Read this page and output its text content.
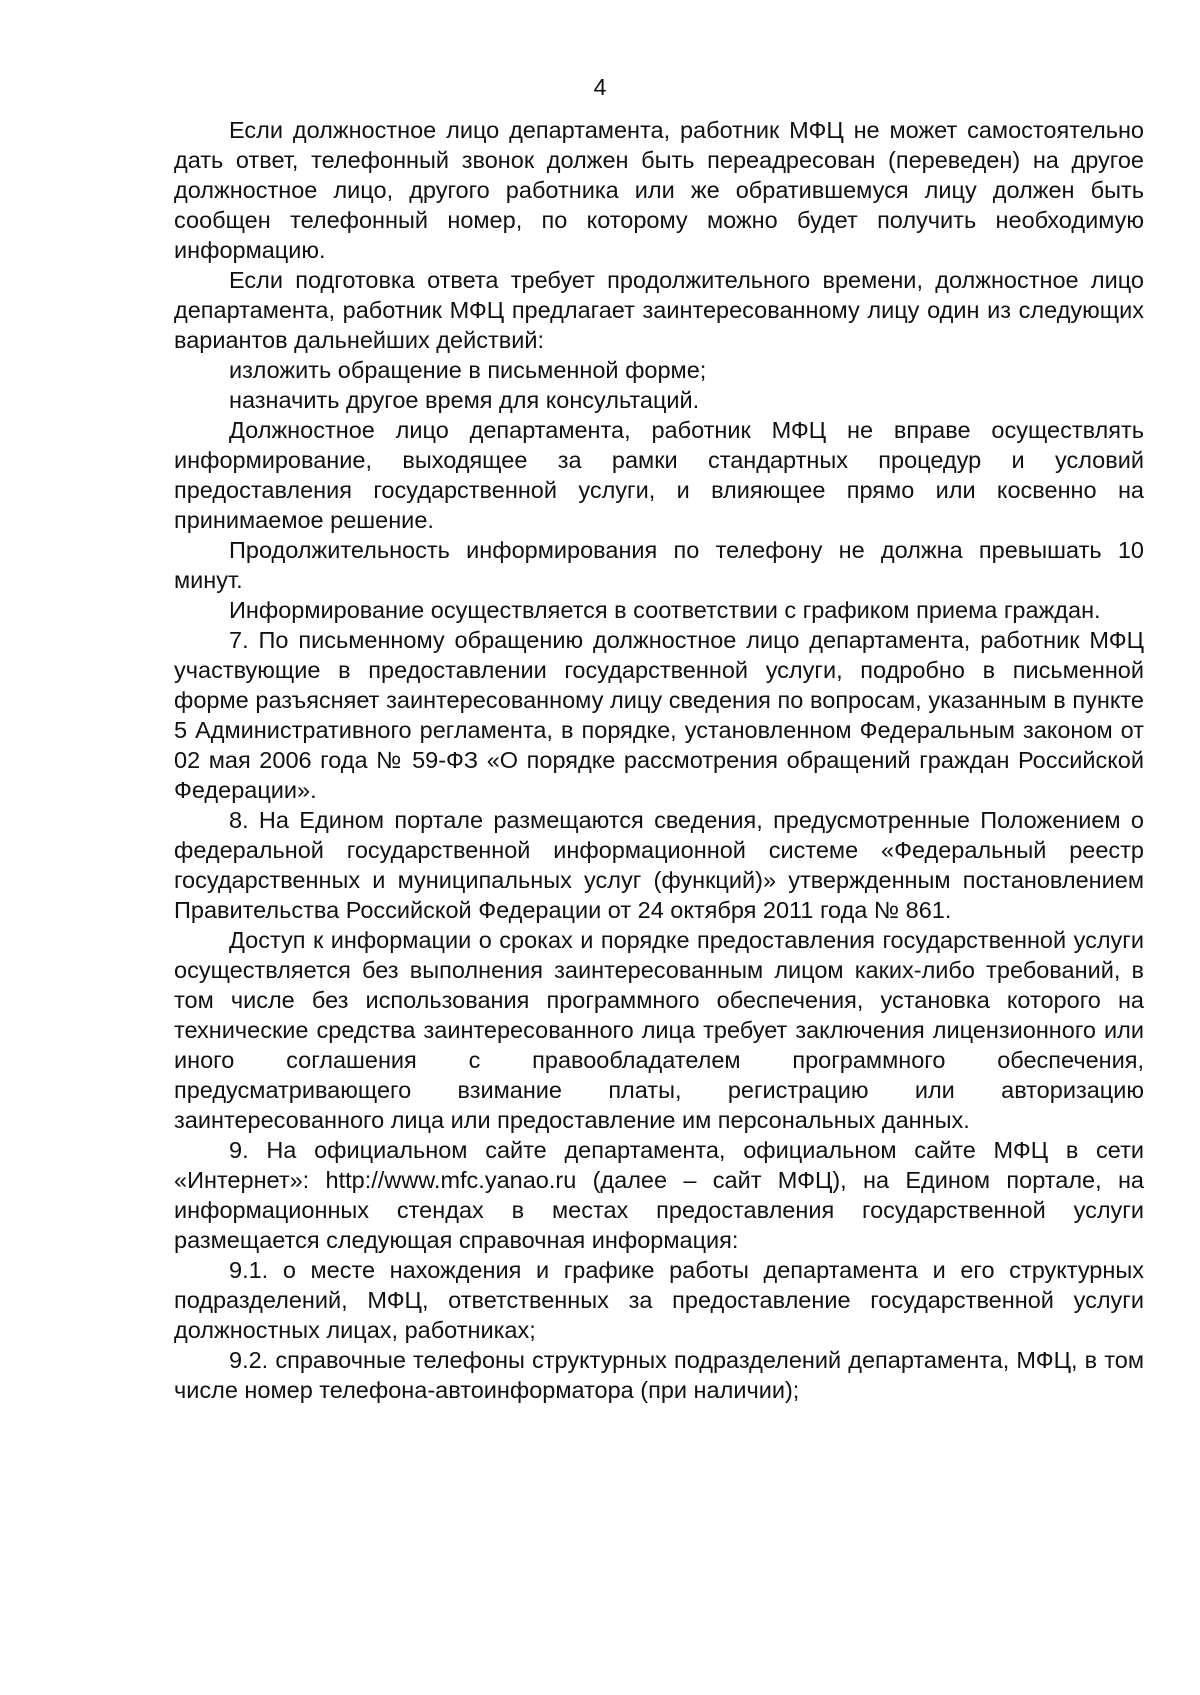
4

Если должностное лицо департамента, работник МФЦ не может самостоятельно дать ответ, телефонный звонок должен быть переадресован (переведен) на другое должностное лицо, другого работника или же обратившемуся лицу должен быть сообщен телефонный номер, по которому можно будет получить необходимую информацию.

Если подготовка ответа требует продолжительного времени, должностное лицо департамента, работник МФЦ предлагает заинтересованному лицу один из следующих вариантов дальнейших действий:

изложить обращение в письменной форме;

назначить другое время для консультаций.

Должностное лицо департамента, работник МФЦ не вправе осуществлять информирование, выходящее за рамки стандартных процедур и условий предоставления государственной услуги, и влияющее прямо или косвенно на принимаемое решение.

Продолжительность информирования по телефону не должна превышать 10 минут.

Информирование осуществляется в соответствии с графиком приема граждан.

7. По письменному обращению должностное лицо департамента, работник МФЦ участвующие в предоставлении государственной услуги, подробно в письменной форме разъясняет заинтересованному лицу сведения по вопросам, указанным в пункте 5 Административного регламента, в порядке, установленном Федеральным законом от 02 мая 2006 года № 59-ФЗ «О порядке рассмотрения обращений граждан Российской Федерации».

8. На Едином портале размещаются сведения, предусмотренные Положением о федеральной государственной информационной системе «Федеральный реестр государственных и муниципальных услуг (функций)» утвержденным постановлением Правительства Российской Федерации от 24 октября 2011 года № 861.

Доступ к информации о сроках и порядке предоставления государственной услуги осуществляется без выполнения заинтересованным лицом каких-либо требований, в том числе без использования программного обеспечения, установка которого на технические средства заинтересованного лица требует заключения лицензионного или иного соглашения с правообладателем программного обеспечения, предусматривающего взимание платы, регистрацию или авторизацию заинтересованного лица или предоставление им персональных данных.

9. На официальном сайте департамента, официальном сайте МФЦ в сети «Интернет»: http://www.mfc.yanao.ru (далее – сайт МФЦ), на Едином портале, на информационных стендах в местах предоставления государственной услуги размещается следующая справочная информация:

9.1. о месте нахождения и графике работы департамента и его структурных подразделений, МФЦ, ответственных за предоставление государственной услуги должностных лицах, работниках;

9.2. справочные телефоны структурных подразделений департамента, МФЦ, в том числе номер телефона-автоинформатора (при наличии);
